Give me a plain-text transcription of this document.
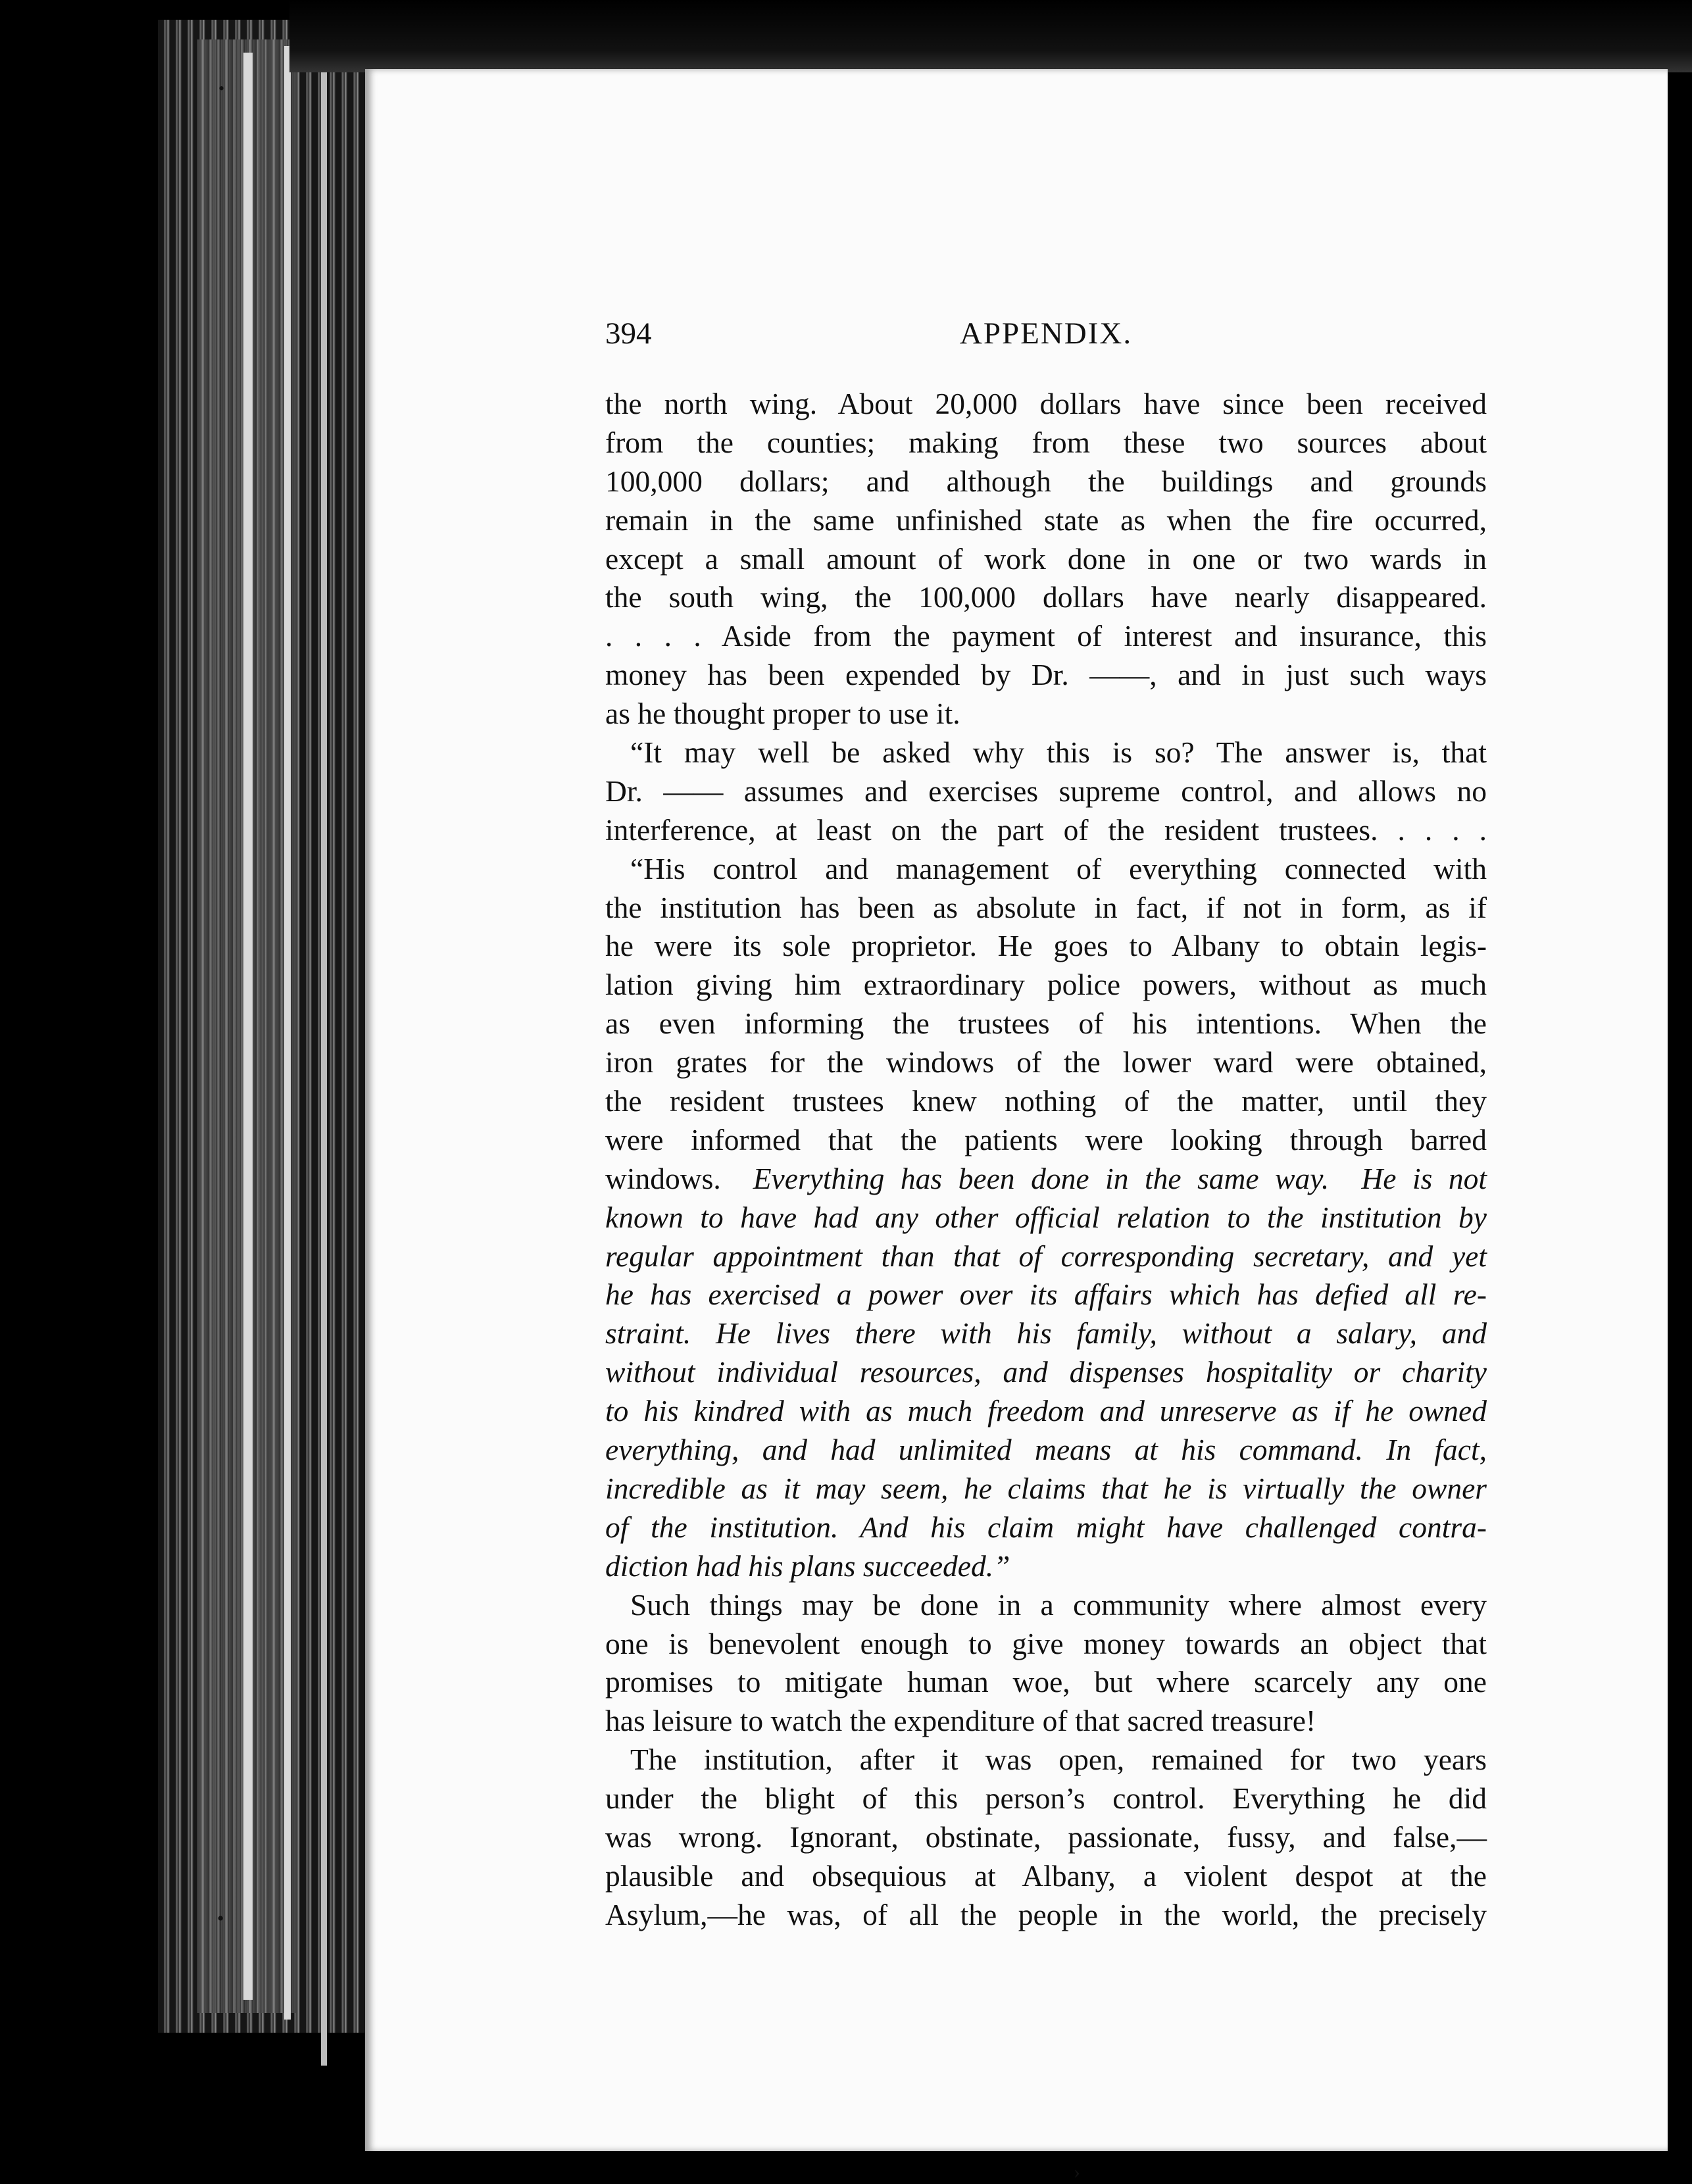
394	APPENDIX.
the north wing. About 20,000 dollars have since been received
from the counties; making from these two sources about
100,000 dollars; and although the buildings and grounds
remain in the same unfinished state as when the fire occurred,
except a small amount of work done in one or two wards in
the south wing, the 100,000 dollars have nearly disappeared.
. . . . Aside from the payment of interest and insurance, this
money has been expended by Dr. ——, and in just such ways
as he thought proper to use it.
“It may well be asked why this is so? The answer is, that
Dr. —— assumes and exercises supreme control, and allows no
interference, at least on the part of the resident trustees. . . . .
“His control and management of everything connected with
the institution has been as absolute in fact, if not in form, as if
he were its sole proprietor. He goes to Albany to obtain legis-
lation giving him extraordinary police powers, without as much
as even informing the trustees of his intentions. When the
iron grates for the windows of the lower ward were obtained,
the resident trustees knew nothing of the matter, until they
were informed that the patients were looking through barred
windows.  Everything has been done in the same way.  He is not
known to have had any other official relation to the institution by
regular appointment than that of corresponding secretary, and yet
he has exercised a power over its affairs which has defied all re-
straint. He lives there with his family, without a salary, and
without individual resources, and dispenses hospitality or charity
to his kindred with as much freedom and unreserve as if he owned
everything, and had unlimited means at his command. In fact,
incredible as it may seem, he claims that he is virtually the owner
of the institution. And his claim might have challenged contra-
diction had his plans succeeded.”
Such things may be done in a community where almost every
one is benevolent enough to give money towards an object that
promises to mitigate human woe, but where scarcely any one
has leisure to watch the expenditure of that sacred treasure!
The institution, after it was open, remained for two years
under the blight of this person’s control. Everything he did
was wrong. Ignorant, obstinate, passionate, fussy, and false,—
plausible and obsequious at Albany, a violent despot at the
Asylum,—he was, of all the people in the world, the precisely
•
•
›
